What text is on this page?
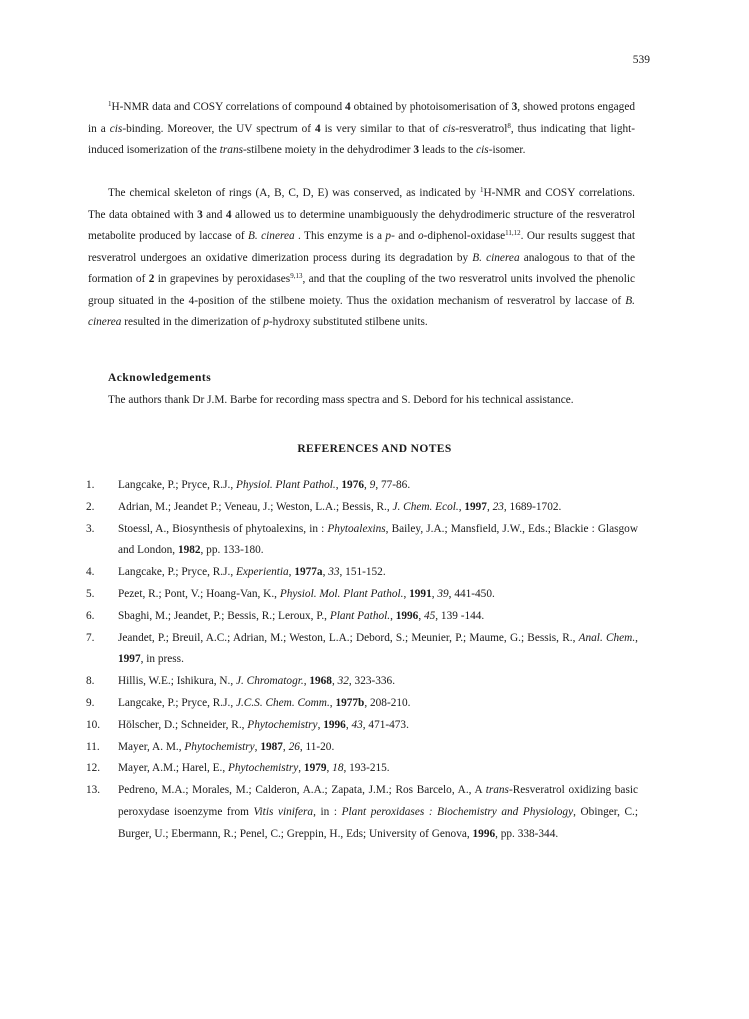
539

$^1$H-NMR data and COSY correlations of compound 4 obtained by photoisomerisation of 3, showed protons engaged in a cis-binding. Moreover, the UV spectrum of 4 is very similar to that of cis-resveratrol$^8$, thus indicating that light-induced isomerization of the trans-stilbene moiety in the dehydrodimer 3 leads to the cis-isomer.

The chemical skeleton of rings (A, B, C, D, E) was conserved, as indicated by $^1$H-NMR and COSY correlations. The data obtained with 3 and 4 allowed us to determine unambiguously the dehydrodimeric structure of the resveratrol metabolite produced by laccase of B. cinerea . This enzyme is a p- and o-diphenol-oxidase$^{11,12}$. Our results suggest that resveratrol undergoes an oxidative dimerization process during its degradation by B. cinerea analogous to that of the formation of 2 in grapevines by peroxidases$^{9,13}$, and that the coupling of the two resveratrol units involved the phenolic group situated in the 4-position of the stilbene moiety. Thus the oxidation mechanism of resveratrol by laccase of B. cinerea resulted in the dimerization of p-hydroxy substituted stilbene units.

Acknowledgements

The authors thank Dr J.M. Barbe for recording mass spectra and S. Debord for his technical assistance.

REFERENCES AND NOTES
1.	Langcake, P.; Pryce, R.J., Physiol. Plant Pathol., 1976, 9, 77-86.
2.	Adrian, M.; Jeandet P.; Veneau, J.; Weston, L.A.; Bessis, R., J. Chem. Ecol., 1997, 23, 1689-1702.
3.	Stoessl, A., Biosynthesis of phytoalexins, in : Phytoalexins, Bailey, J.A.; Mansfield, J.W., Eds.; Blackie : Glasgow and London, 1982, pp. 133-180.
4.	Langcake, P.; Pryce, R.J., Experientia, 1977a, 33, 151-152.
5.	Pezet, R.; Pont, V.; Hoang-Van, K., Physiol. Mol. Plant Pathol., 1991, 39, 441-450.
6.	Sbaghi, M.; Jeandet, P.; Bessis, R.; Leroux, P., Plant Pathol., 1996, 45, 139 -144.
7.	Jeandet, P.; Breuil, A.C.; Adrian, M.; Weston, L.A.; Debord, S.; Meunier, P.; Maume, G.; Bessis, R., Anal. Chem., 1997, in press.
8.	Hillis, W.E.; Ishikura, N., J. Chromatogr., 1968, 32, 323-336.
9.	Langcake, P.; Pryce, R.J., J.C.S. Chem. Comm., 1977b, 208-210.
10.	Hölscher, D.; Schneider, R., Phytochemistry, 1996, 43, 471-473.
11.	Mayer, A. M., Phytochemistry, 1987, 26, 11-20.
12.	Mayer, A.M.; Harel, E., Phytochemistry, 1979, 18, 193-215.
13.	Pedreno, M.A.; Morales, M.; Calderon, A.A.; Zapata, J.M.; Ros Barcelo, A., A trans-Resveratrol oxidizing basic peroxydase isoenzyme from Vitis vinifera, in : Plant peroxidases : Biochemistry and Physiology, Obinger, C.; Burger, U.; Ebermann, R.; Penel, C.; Greppin, H., Eds; University of Genova, 1996, pp. 338-344.
